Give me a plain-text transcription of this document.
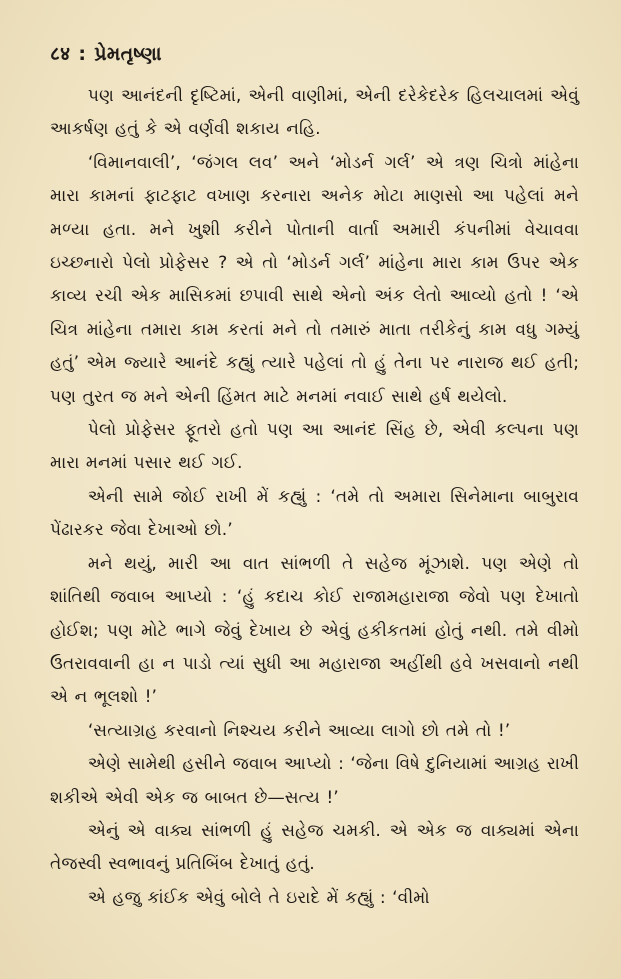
८४ : પ્રેમતૃષ્ણા

પણ આનંદની દૃષ્ટિમાં, એની વાણીમાં, એની દરેકેદરેક હિલચાલમાં એવું આકર્ષણ હતું કે એ વર્ણવી શકાય નહિ.

‘વિમાનવાલી’, ‘જંગલ લવ’ અને ‘મોડર્ન ગર્લ’ એ ત્રણ ચિત્રો માંહેના મારા કામનાં ફાટફાટ વખાણ કરનારા અનેક મોટા માણસો આ પહેલાં મને મળ્યા હતા. મને ખુશી કરીને પોતાની વાર્તા અમારી કંપનીમાં વેચાવવા ઇચ્છનારો પેલો પ્રોફેસર ? એ તો ‘મોડર્ન ગર્લ’ માંહેના મારા કામ ઉપર એક કાવ્ય રચી એક માસિકમાં છપાવી સાથે એનો અંક લેતો આવ્યો હતો ! ‘એ ચિત્ર માંહેના તમારા કામ કરતાં મને તો તમારું માતા તરીકેનું કામ વધુ ગમ્યું હતું’ એમ જ્યારે આનંદે કહ્યું ત્યારે પહેલાં તો હું તેના પર નારાજ થઈ હતી; પણ તુરત જ મને એની હિંમત માટે મનમાં નવાઈ સાથે હર્ષ થયેલો.

પેલો પ્રોફેસર ફૂતરો હતો પણ આ આનંદ સિંહ છે, એવી કલ્પના પણ મારા મનમાં પસાર થઈ ગઈ.

એની સામે જોઈ રાખી મેં કહ્યું : ‘તમે તો અમારા સિનેમાના બાબુરાવ પેંઢારકર જેવા દેખાઓ છો.’

મને થયું, મારી આ વાત સાંભળી તે સહેજ મૂંઝાશે. પણ એણે તો શાંતિથી જવાબ આપ્યો : ‘હું કદાચ કોઈ રાજામહારાજા જેવો પણ દેખાતો હોઈશ; પણ મોટે ભાગે જેવું દેખાય છે એવું હકીકતમાં હોતું નથી. તમે વીમો ઉતરાવવાની હા ન પાડો ત્યાં સુધી આ મહારાજા અહીંથી હવે ખસવાનો નથી એ ન ભૂલશો !’

‘સત્યાગ્રહ કરવાનો નિશ્ચય કરીને આવ્યા લાગો છો તમે તો !’

એણે સામેથી હસીને જવાબ આપ્યો : ‘જેના વિષે દુનિયામાં આગ્રહ રાખી શકીએ એવી એક જ બાબત છે—સત્ય !’

એનું એ વાક્ય સાંભળી હું સહેજ ચમકી. એ એક જ વાક્યમાં એના તેજસ્વી સ્વભાવનું પ્રતિબિંબ દેખાતું હતું.

એ હજુ કાંઈક એવું બોલે તે ઇરાદે મેં કહ્યું : ‘વીમો
